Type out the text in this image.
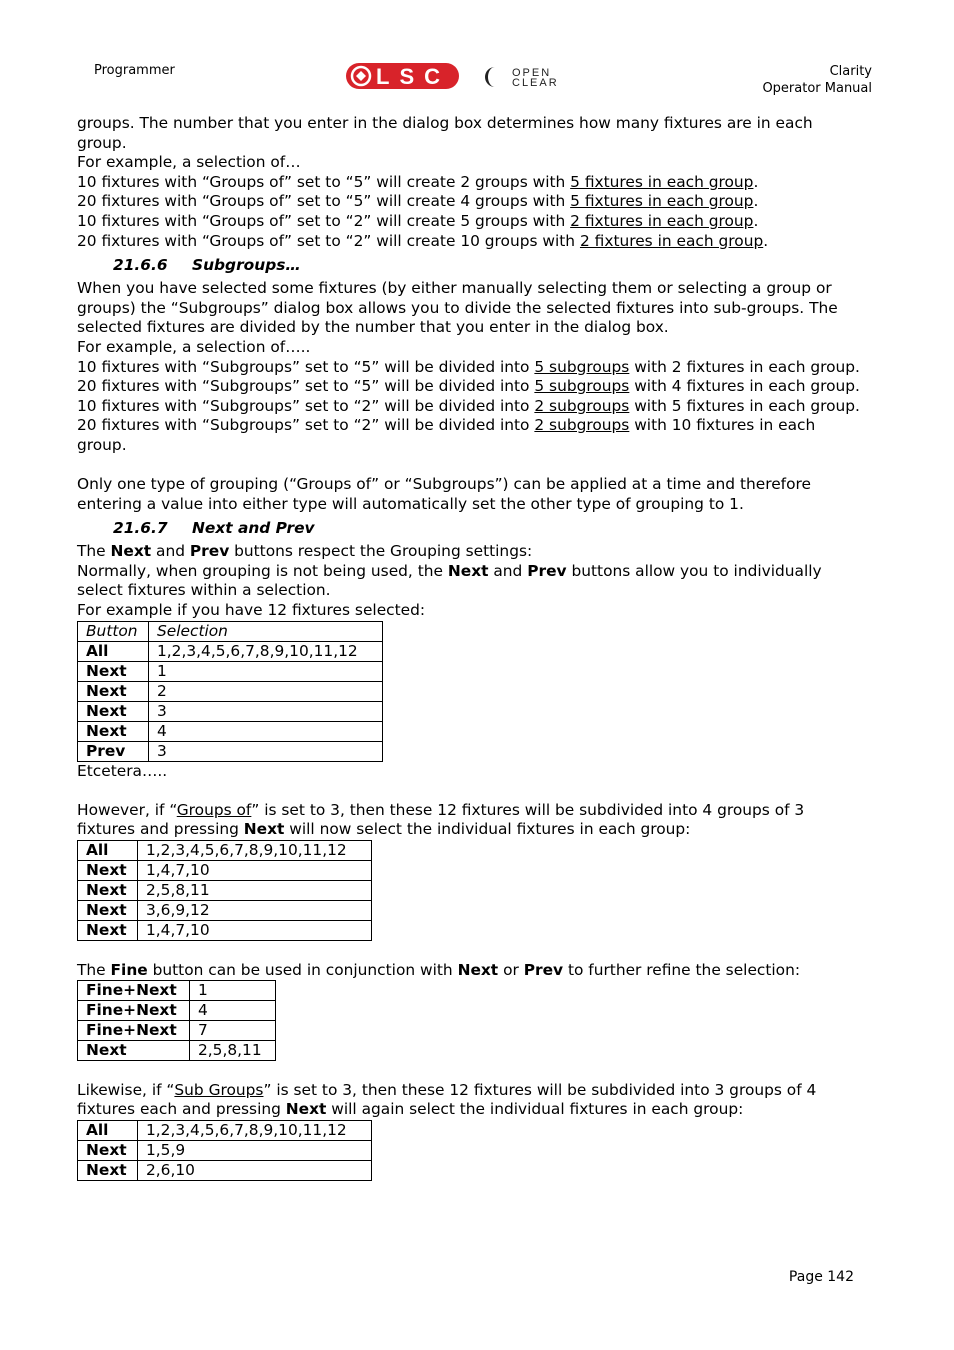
Programmer	LSC	OPEN
CLEAR
Clarity
Operator Manual

groups. The number that you enter in the dialog box determines how many fixtures are in each group.

For example, a selection of…

10 fixtures with “Groups of” set to “5” will create 2 groups with 5 fixtures in each group.

20 fixtures with “Groups of” set to “5” will create 4 groups with 5 fixtures in each group.

10 fixtures with “Groups of” set to “2” will create 5 groups with 2 fixtures in each group.

20 fixtures with “Groups of” set to “2” will create 10 groups with 2 fixtures in each group.

21.6.6 Subgroups…

When you have selected some fixtures (by either manually selecting them or selecting a group or groups) the “Subgroups” dialog box allows you to divide the selected fixtures into sub-groups. The selected fixtures are divided by the number that you enter in the dialog box.

For example, a selection of…..

10 fixtures with “Subgroups” set to “5” will be divided into 5 subgroups with 2 fixtures in each group.

20 fixtures with “Subgroups” set to “5” will be divided into 5 subgroups with 4 fixtures in each group.

10 fixtures with “Subgroups” set to “2” will be divided into 2 subgroups with 5 fixtures in each group.

20 fixtures with “Subgroups” set to “2” will be divided into 2 subgroups with 10 fixtures in each group.

Only one type of grouping (“Groups of” or “Subgroups”) can be applied at a time and therefore entering a value into either type will automatically set the other type of grouping to 1.

21.6.7 Next and Prev

The Next and Prev buttons respect the Grouping settings:

Normally, when grouping is not being used, the Next and Prev buttons allow you to individually select fixtures within a selection.

For example if you have 12 fixtures selected:

Button	Selection
All	1,2,3,4,5,6,7,8,9,10,11,12
Next	1
Next	2
Next	3
Next	4
Prev	3

Etcetera…..

However, if “Groups of” is set to 3, then these 12 fixtures will be subdivided into 4 groups of 3 fixtures and pressing Next will now select the individual fixtures in each group:

All	1,2,3,4,5,6,7,8,9,10,11,12
Next	1,4,7,10
Next	2,5,8,11
Next	3,6,9,12
Next	1,4,7,10

The Fine button can be used in conjunction with Next or Prev to further refine the selection:

Fine+Next	1
Fine+Next	4
Fine+Next	7
Next	2,5,8,11

Likewise, if “Sub Groups” is set to 3, then these 12 fixtures will be subdivided into 3 groups of 4 fixtures each and pressing Next will again select the individual fixtures in each group:

All	1,2,3,4,5,6,7,8,9,10,11,12
Next	1,5,9
Next	2,6,10
Page 142
